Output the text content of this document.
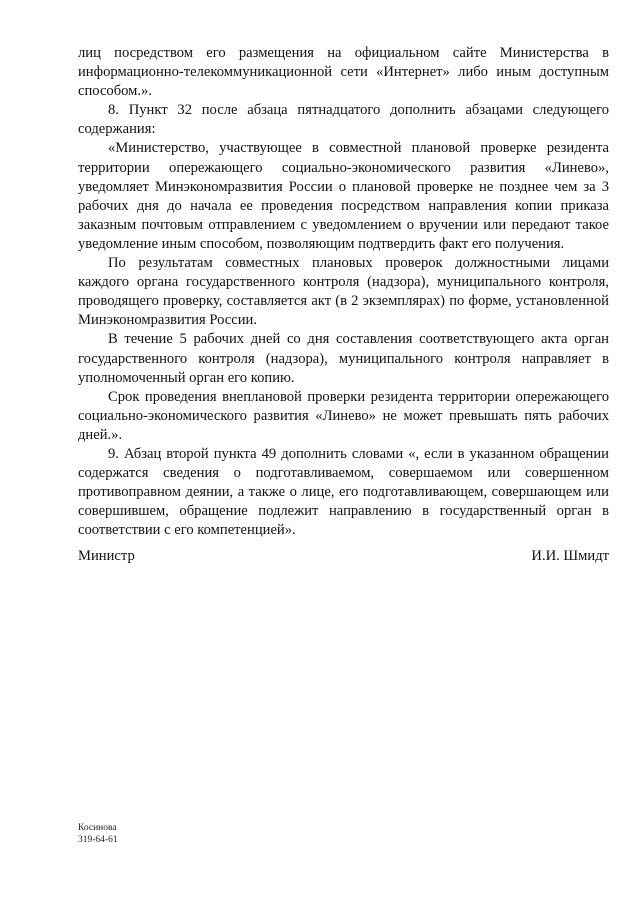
лиц посредством его размещения на официальном сайте Министерства в информационно-телекоммуникационной сети «Интернет» либо иным доступным способом.».

8. Пункт 32 после абзаца пятнадцатого дополнить абзацами следующего содержания:

«Министерство, участвующее в совместной плановой проверке резидента территории опережающего социально-экономического развития «Линево», уведомляет Минэкономразвития России о плановой проверке не позднее чем за 3 рабочих дня до начала ее проведения посредством направления копии приказа заказным почтовым отправлением с уведомлением о вручении или передают такое уведомление иным способом, позволяющим подтвердить факт его получения.

По результатам совместных плановых проверок должностными лицами каждого органа государственного контроля (надзора), муниципального контроля, проводящего проверку, составляется акт (в 2 экземплярах) по форме, установленной Минэкономразвития России.

В течение 5 рабочих дней со дня составления соответствующего акта орган государственного контроля (надзора), муниципального контроля направляет в уполномоченный орган его копию.

Срок проведения внеплановой проверки резидента территории опережающего социально-экономического развития «Линево» не может превышать пять рабочих дней.».

9. Абзац второй пункта 49 дополнить словами «, если в указанном обращении содержатся сведения о подготавливаемом, совершаемом или совершенном противоправном деянии, а также о лице, его подготавливающем, совершающем или совершившем, обращение подлежит направлению в государственный орган в соответствии с его компетенцией».

Министр	И.И. Шмидт
Косинова
319-64-61
